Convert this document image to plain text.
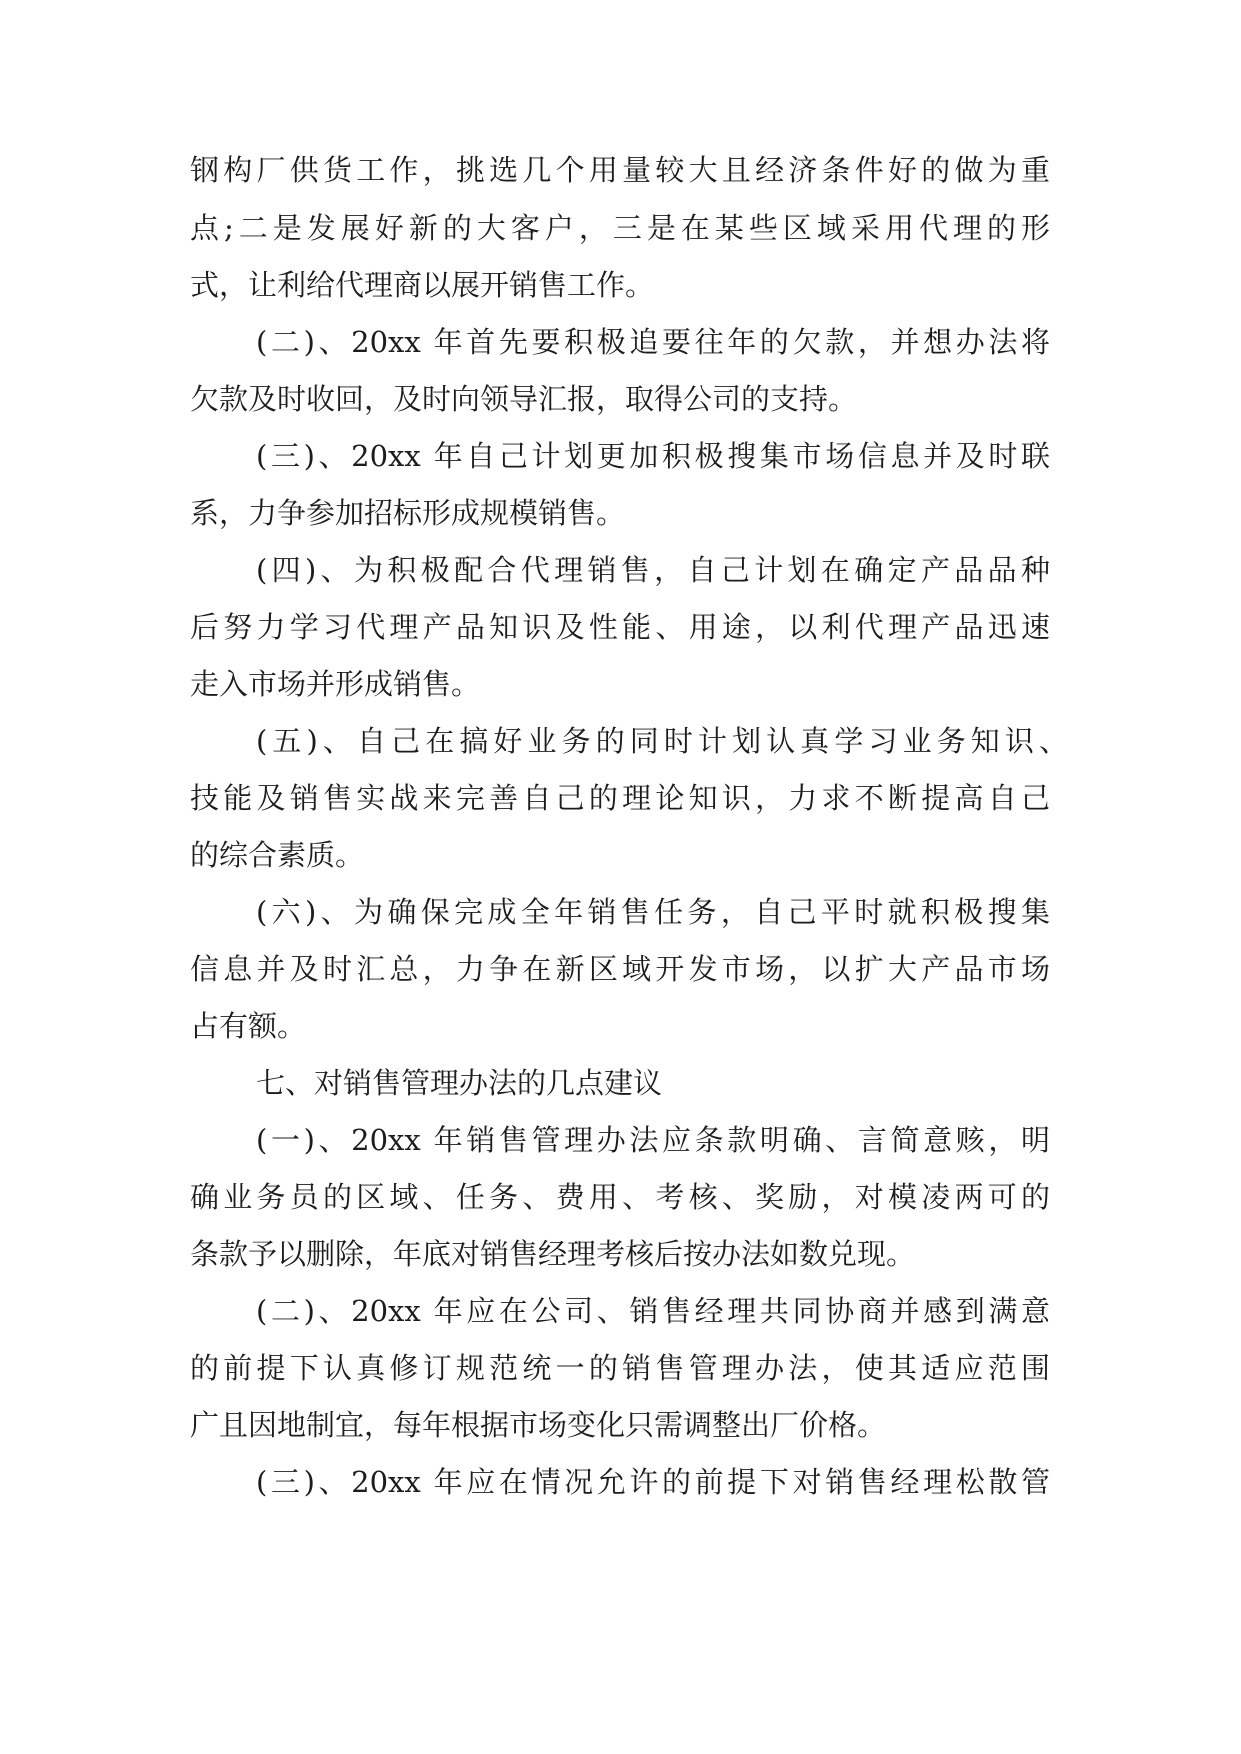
钢构厂供货工作，挑选几个用量较大且经济条件好的做为重
点;二是发展好新的大客户，三是在某些区域采用代理的形
式，让利给代理商以展开销售工作。
(二)、20xx 年首先要积极追要往年的欠款，并想办法将
欠款及时收回，及时向领导汇报，取得公司的支持。
(三)、20xx 年自己计划更加积极搜集市场信息并及时联
系，力争参加招标形成规模销售。
(四)、为积极配合代理销售，自己计划在确定产品品种
后努力学习代理产品知识及性能、用途，以利代理产品迅速
走入市场并形成销售。
(五)、自己在搞好业务的同时计划认真学习业务知识、
技能及销售实战来完善自己的理论知识，力求不断提高自己
的综合素质。
(六)、为确保完成全年销售任务，自己平时就积极搜集
信息并及时汇总，力争在新区域开发市场，以扩大产品市场
占有额。
七、对销售管理办法的几点建议
(一)、20xx 年销售管理办法应条款明确、言简意赅，明
确业务员的区域、任务、费用、考核、奖励，对模凌两可的
条款予以删除，年底对销售经理考核后按办法如数兑现。
(二)、20xx 年应在公司、销售经理共同协商并感到满意
的前提下认真修订规范统一的销售管理办法，使其适应范围
广且因地制宜，每年根据市场变化只需调整出厂价格。
(三)、20xx 年应在情况允许的前提下对销售经理松散管
